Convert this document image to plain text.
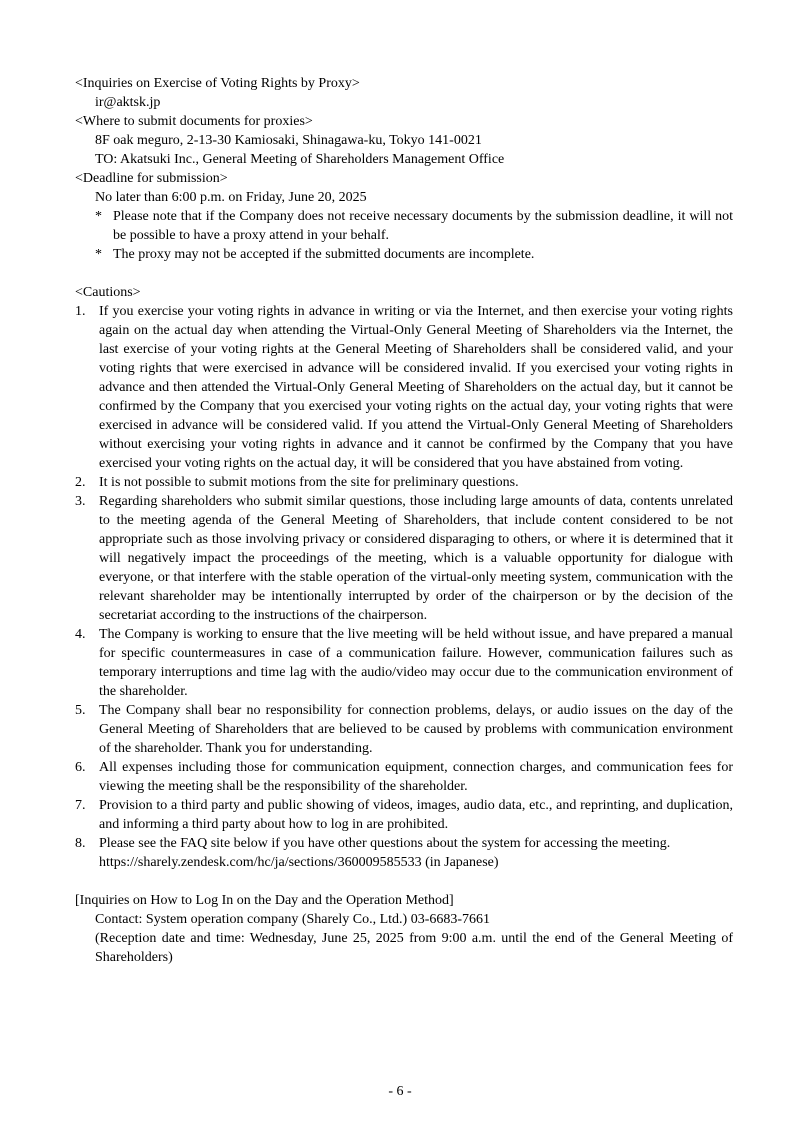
<Inquiries on Exercise of Voting Rights by Proxy>

ir@aktsk.jp

<Where to submit documents for proxies>

8F oak meguro, 2-13-30 Kamiosaki, Shinagawa-ku, Tokyo 141-0021

TO: Akatsuki Inc., General Meeting of Shareholders Management Office

<Deadline for submission>

No later than 6:00 p.m. on Friday, June 20, 2025

* Please note that if the Company does not receive necessary documents by the submission deadline, it will not be possible to have a proxy attend in your behalf.
* The proxy may not be accepted if the submitted documents are incomplete.

<Cautions>

1. If you exercise your voting rights in advance in writing or via the Internet, and then exercise your voting rights again on the actual day when attending the Virtual-Only General Meeting of Shareholders via the Internet, the last exercise of your voting rights at the General Meeting of Shareholders shall be considered valid, and your voting rights that were exercised in advance will be considered invalid. If you exercised your voting rights in advance and then attended the Virtual-Only General Meeting of Shareholders on the actual day, but it cannot be confirmed by the Company that you exercised your voting rights on the actual day, your voting rights that were exercised in advance will be considered valid. If you attend the Virtual-Only General Meeting of Shareholders without exercising your voting rights in advance and it cannot be confirmed by the Company that you have exercised your voting rights on the actual day, it will be considered that you have abstained from voting.
2. It is not possible to submit motions from the site for preliminary questions.
3. Regarding shareholders who submit similar questions, those including large amounts of data, contents unrelated to the meeting agenda of the General Meeting of Shareholders, that include content considered to be not appropriate such as those involving privacy or considered disparaging to others, or where it is determined that it will negatively impact the proceedings of the meeting, which is a valuable opportunity for dialogue with everyone, or that interfere with the stable operation of the virtual-only meeting system, communication with the relevant shareholder may be intentionally interrupted by order of the chairperson or by the decision of the secretariat according to the instructions of the chairperson.
4. The Company is working to ensure that the live meeting will be held without issue, and have prepared a manual for specific countermeasures in case of a communication failure. However, communication failures such as temporary interruptions and time lag with the audio/video may occur due to the communication environment of the shareholder.
5. The Company shall bear no responsibility for connection problems, delays, or audio issues on the day of the General Meeting of Shareholders that are believed to be caused by problems with communication environment of the shareholder. Thank you for understanding.
6. All expenses including those for communication equipment, connection charges, and communication fees for viewing the meeting shall be the responsibility of the shareholder.
7. Provision to a third party and public showing of videos, images, audio data, etc., and reprinting, and duplication, and informing a third party about how to log in are prohibited.
8. Please see the FAQ site below if you have other questions about the system for accessing the meeting.
https://sharely.zendesk.com/hc/ja/sections/360009585533 (in Japanese)

[Inquiries on How to Log In on the Day and the Operation Method]

Contact: System operation company (Sharely Co., Ltd.) 03-6683-7661

(Reception date and time: Wednesday, June 25, 2025 from 9:00 a.m. until the end of the General Meeting of Shareholders)
- 6 -
